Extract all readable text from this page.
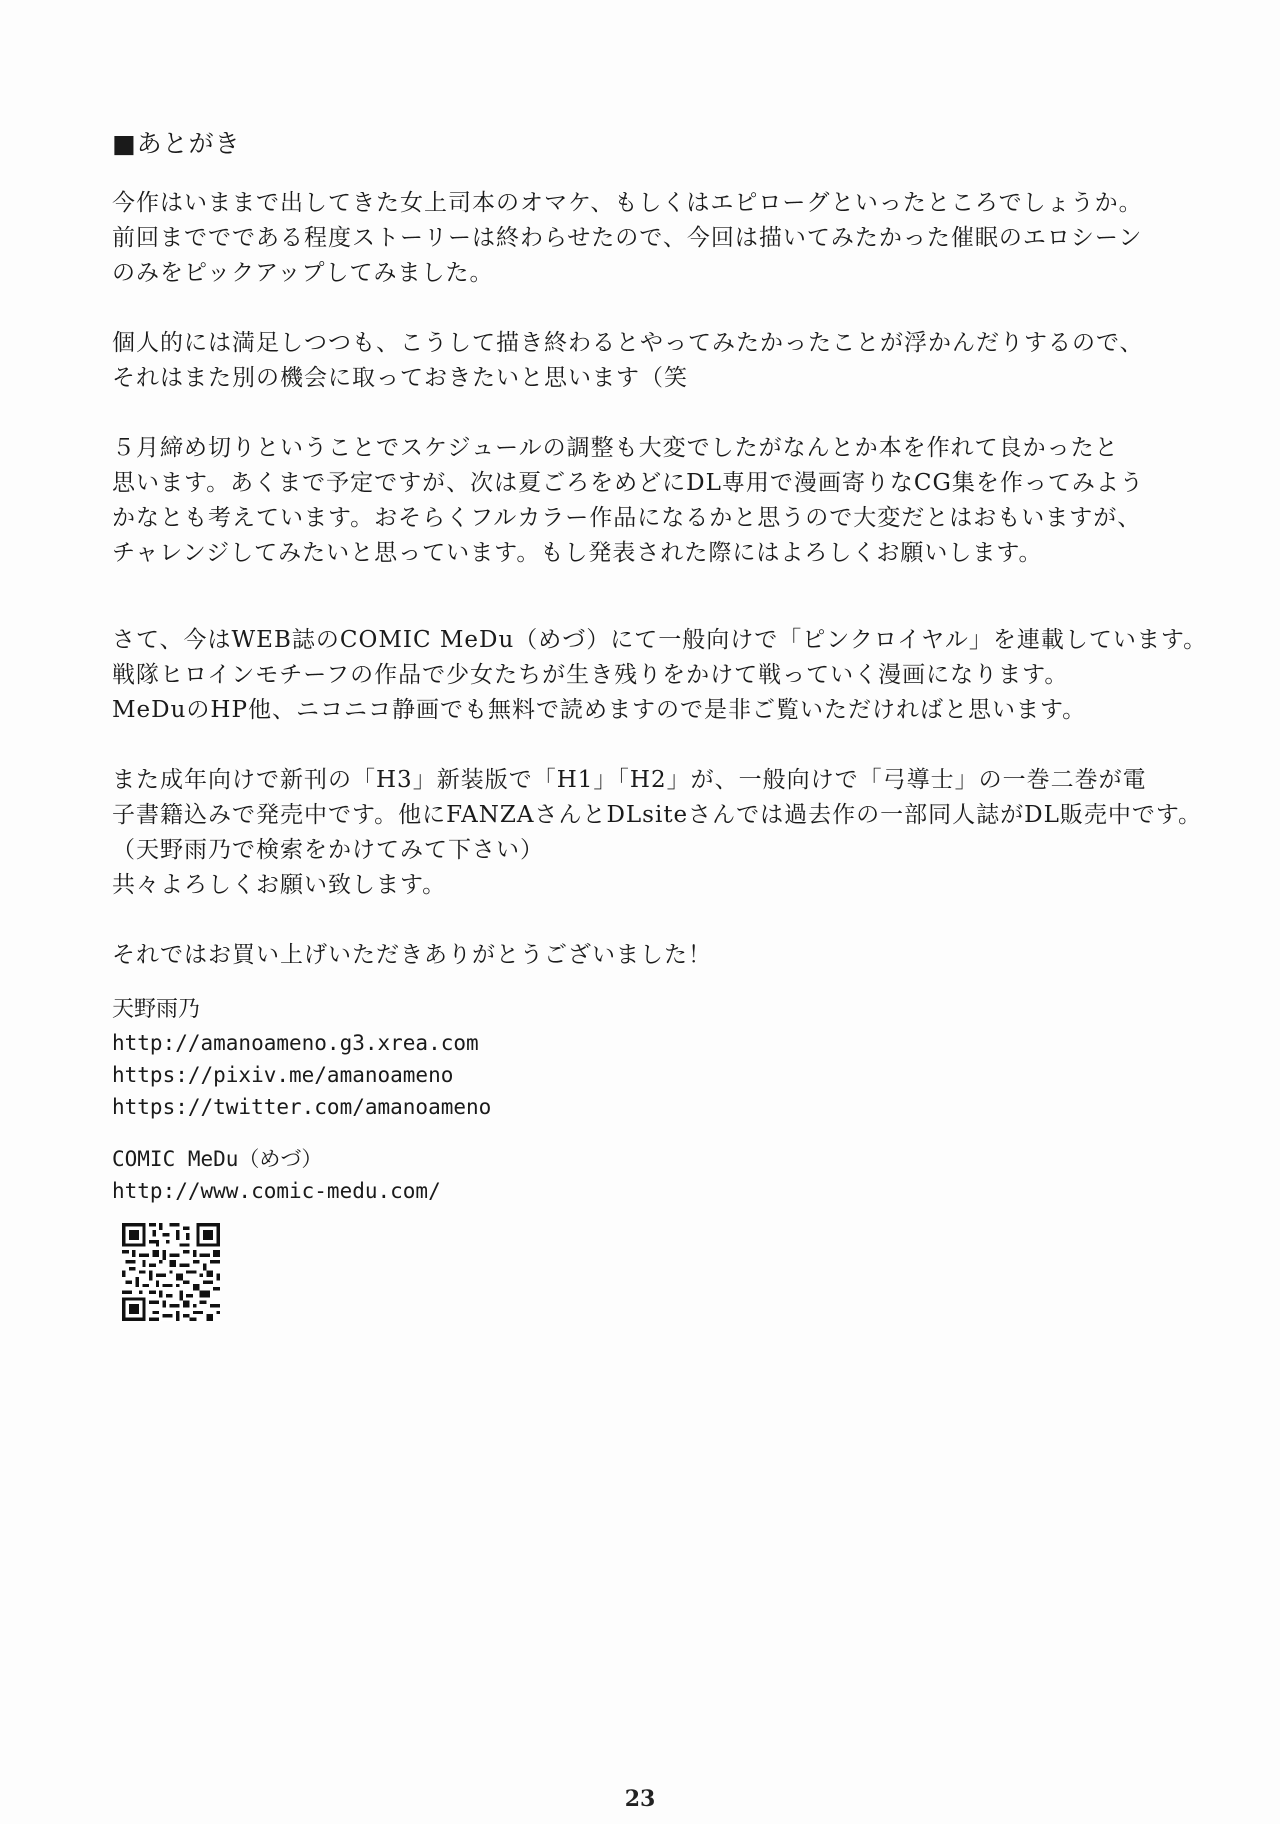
■あとがき

今作はいままで出してきた女上司本のオマケ、もしくはエピローグといったところでしょうか。
前回まででである程度ストーリーは終わらせたので、今回は描いてみたかった催眠のエロシーン
のみをピックアップしてみました。

個人的には満足しつつも、こうして描き終わるとやってみたかったことが浮かんだりするので、
それはまた別の機会に取っておきたいと思います（笑

５月締め切りということでスケジュールの調整も大変でしたがなんとか本を作れて良かったと
思います。あくまで予定ですが、次は夏ごろをめどにDL専用で漫画寄りなCG集を作ってみよう
かなとも考えています。おそらくフルカラー作品になるかと思うので大変だとはおもいますが、
チャレンジしてみたいと思っています。もし発表された際にはよろしくお願いします。

さて、今はWEB誌のCOMIC MeDu（めづ）にて一般向けで「ピンクロイヤル」を連載しています。
戦隊ヒロインモチーフの作品で少女たちが生き残りをかけて戦っていく漫画になります。
MeDuのHP他、ニコニコ静画でも無料で読めますので是非ご覧いただければと思います。

また成年向けで新刊の「H3」新装版で「H1」「H2」が、一般向けで「弓導士」の一巻二巻が電
子書籍込みで発売中です。他にFANZAさんとDLsiteさんでは過去作の一部同人誌がDL販売中です。
（天野雨乃で検索をかけてみて下さい）
共々よろしくお願い致します。

それではお買い上げいただきありがとうございました！

天野雨乃
http://amanoameno.g3.xrea.com
https://pixiv.me/amanoameno
https://twitter.com/amanoameno
COMIC MeDu（めづ）
http://www.comic-medu.com/
23
